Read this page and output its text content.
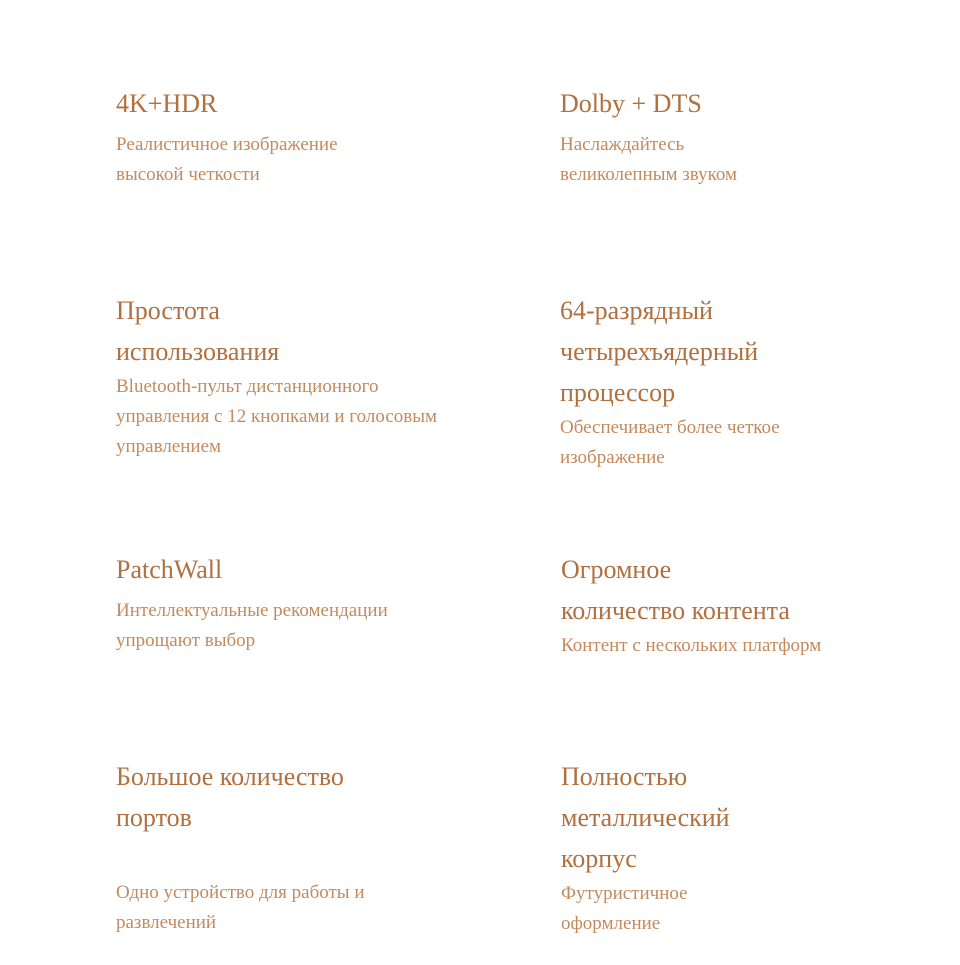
4K+HDR

Реалистичное изображение
высокой четкости

Dolby + DTS

Наслаждайтесь
великолепным звуком

Простота
использования

Bluetooth-пульт дистанционного
управления с 12 кнопками и голосовым
управлением

64-разрядный
четырехъядерный
процессор

Обеспечивает более четкое
изображение

PatchWall

Интеллектуальные рекомендации
упрощают выбор

Огромное
количество контента

Контент с нескольких платформ

Большое количество
портов

Одно устройство для работы и
развлечений

Полностью
металлический
корпус

Футуристичное
оформление
